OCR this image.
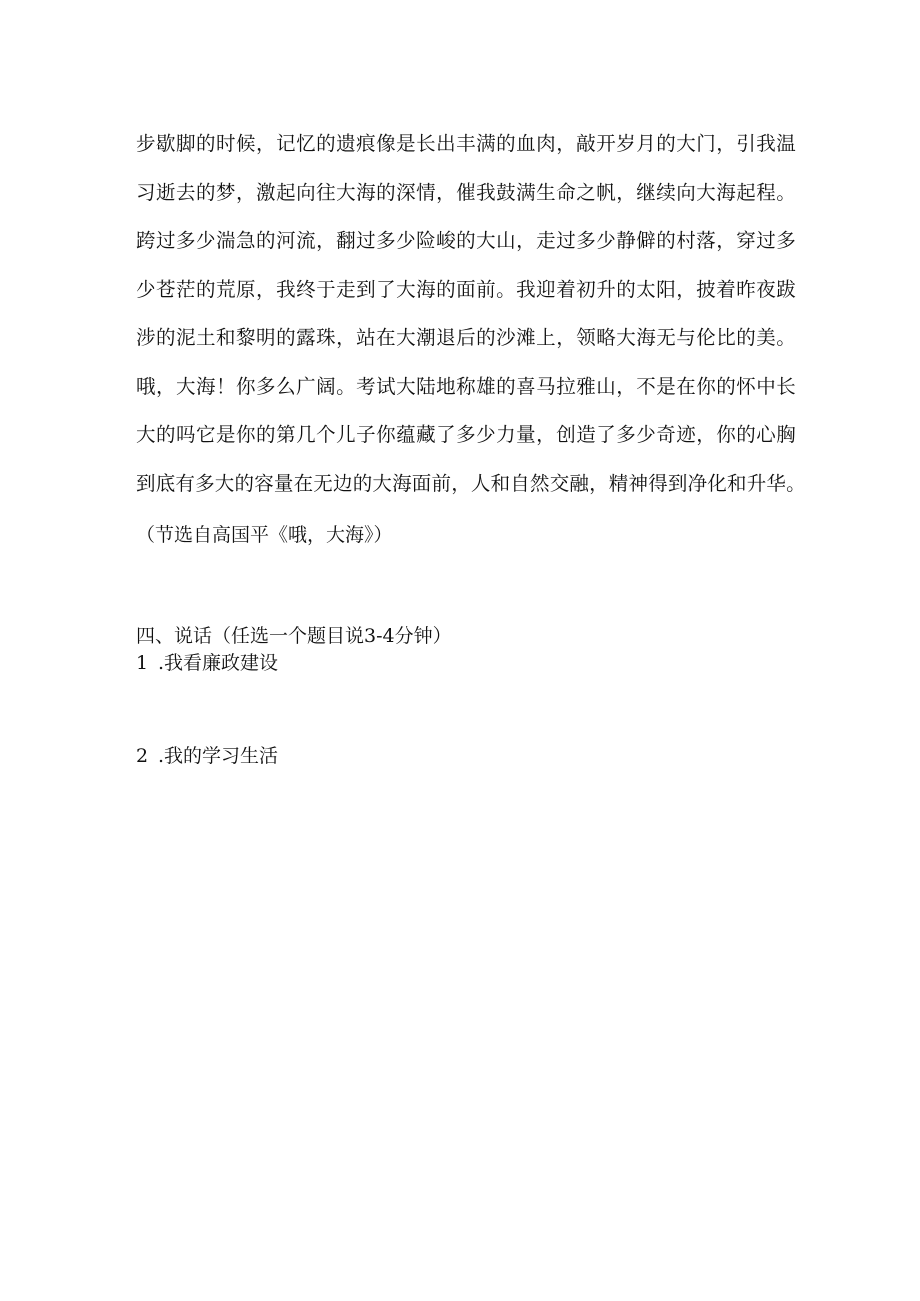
步歇脚的时候，记忆的遗痕像是长出丰满的血肉，敲开岁月的大门，引我温
习逝去的梦，激起向往大海的深情，催我鼓满生命之帆，继续向大海起程。
跨过多少湍急的河流，翻过多少险峻的大山，走过多少静僻的村落，穿过多
少苍茫的荒原，我终于走到了大海的面前。我迎着初升的太阳，披着昨夜跋
涉的泥土和黎明的露珠，站在大潮退后的沙滩上，领略大海无与伦比的美。
哦，大海！你多么广阔。考试大陆地称雄的喜马拉雅山，不是在你的怀中长
大的吗它是你的第几个儿子你蕴藏了多少力量，创造了多少奇迹，你的心胸
到底有多大的容量在无边的大海面前，人和自然交融，精神得到净化和升华。
（节选自高国平《哦，大海》）
四、说话（任选一个题目说3-4分钟）
1 .我看廉政建设
2 .我的学习生活
